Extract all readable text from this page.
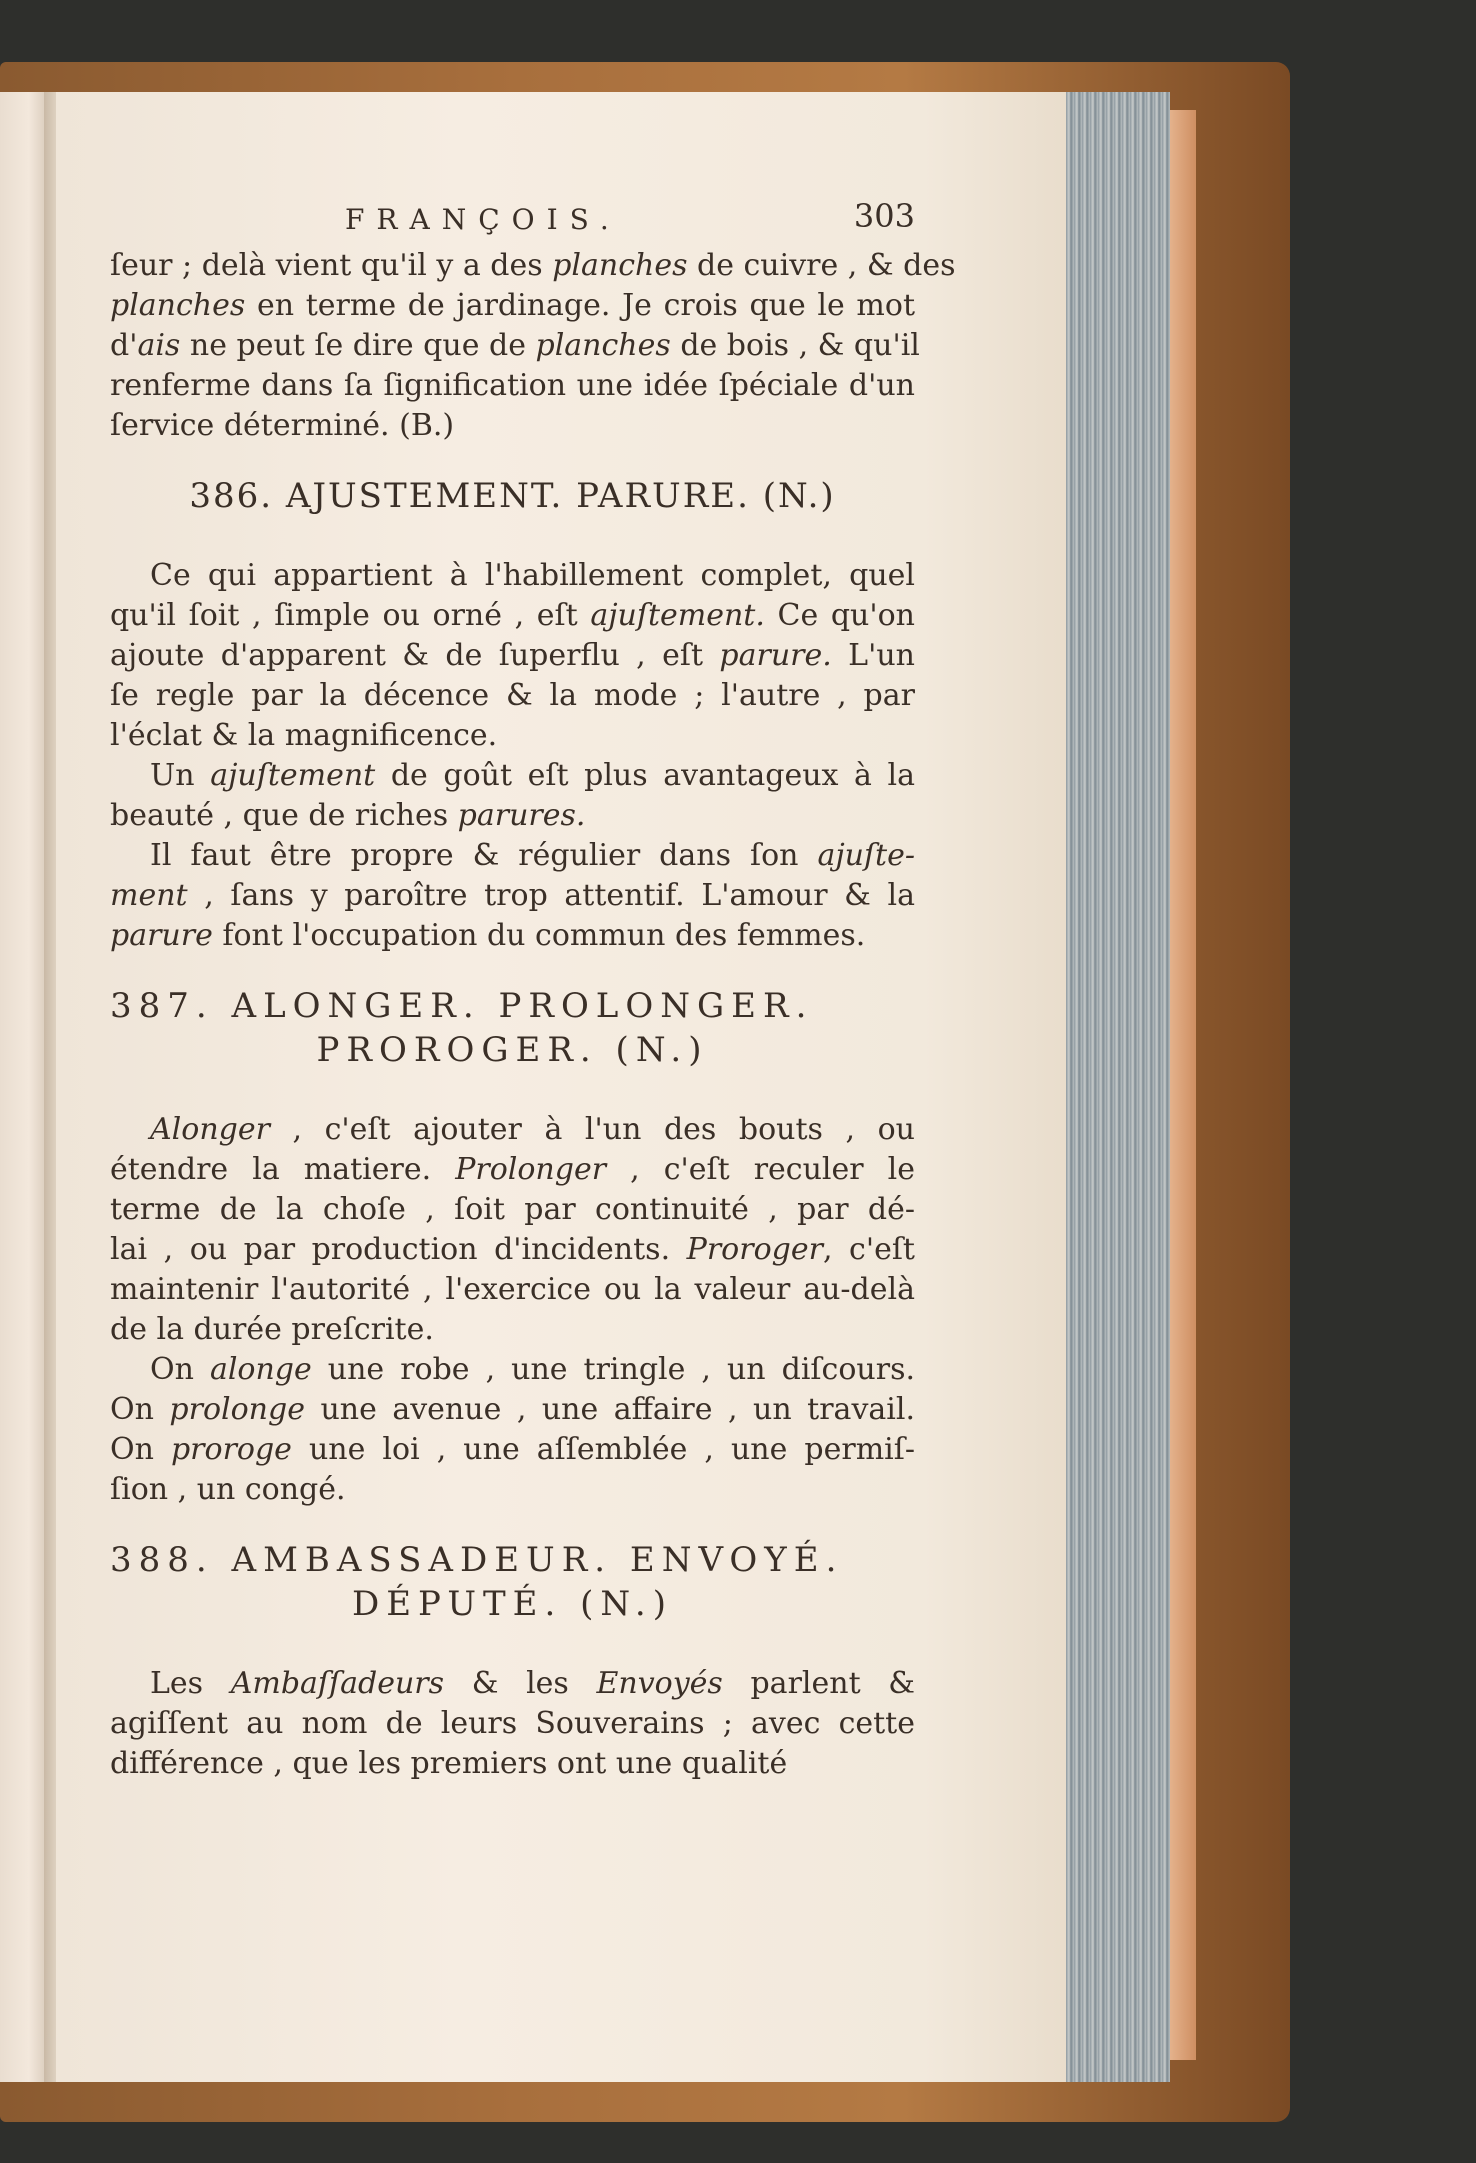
FRANÇOIS.	303
ſeur ; delà vient qu'il y a des planches de cuivre , & des
planches en terme de jardinage. Je crois que le mot
d'ais ne peut ſe dire que de planches de bois , & qu'il
renferme dans ſa ſignification une idée ſpéciale d'un
ſervice déterminé. (B.)
386. AJUSTEMENT. PARURE. (N.)
Ce qui appartient à l'habillement complet, quel
qu'il ſoit , ſimple ou orné , eſt ajuſtement. Ce qu'on
ajoute d'apparent & de ſuperflu , eſt parure. L'un
ſe regle par la décence & la mode ; l'autre , par
l'éclat & la magnificence.
Un ajuſtement de goût eſt plus avantageux à la
beauté , que de riches parures.
Il faut être propre & régulier dans ſon ajuſte-
ment , ſans y paroître trop attentif. L'amour & la
parure font l'occupation du commun des femmes.
387. ALONGER. PROLONGER.
PROROGER. (N.)
Alonger , c'eſt ajouter à l'un des bouts , ou
étendre la matiere. Prolonger , c'eſt reculer le
terme de la choſe , ſoit par continuité , par dé-
lai , ou par production d'incidents. Proroger, c'eſt
maintenir l'autorité , l'exercice ou la valeur au-delà
de la durée preſcrite.
On alonge une robe , une tringle , un diſcours.
On prolonge une avenue , une affaire , un travail.
On proroge une loi , une aſſemblée , une permiſ-
ſion , un congé.
388. AMBASSADEUR. ENVOYÉ.
DÉPUTÉ. (N.)
Les Ambaſſadeurs & les Envoyés parlent &
agiſſent au nom de leurs Souverains ; avec cette
différence , que les premiers ont une qualité
